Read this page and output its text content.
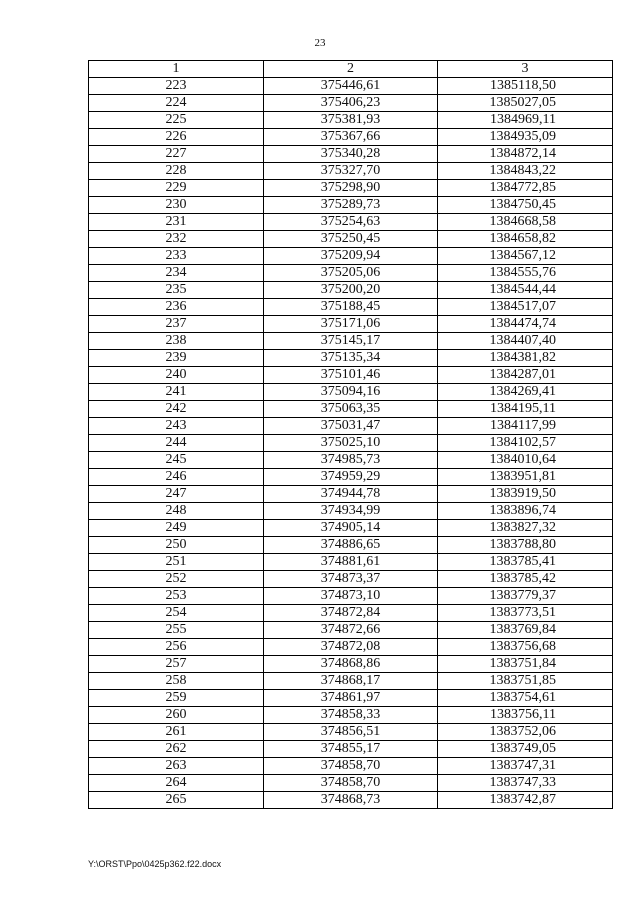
23
1	2	3
223	375446,61	1385118,50
224	375406,23	1385027,05
225	375381,93	1384969,11
226	375367,66	1384935,09
227	375340,28	1384872,14
228	375327,70	1384843,22
229	375298,90	1384772,85
230	375289,73	1384750,45
231	375254,63	1384668,58
232	375250,45	1384658,82
233	375209,94	1384567,12
234	375205,06	1384555,76
235	375200,20	1384544,44
236	375188,45	1384517,07
237	375171,06	1384474,74
238	375145,17	1384407,40
239	375135,34	1384381,82
240	375101,46	1384287,01
241	375094,16	1384269,41
242	375063,35	1384195,11
243	375031,47	1384117,99
244	375025,10	1384102,57
245	374985,73	1384010,64
246	374959,29	1383951,81
247	374944,78	1383919,50
248	374934,99	1383896,74
249	374905,14	1383827,32
250	374886,65	1383788,80
251	374881,61	1383785,41
252	374873,37	1383785,42
253	374873,10	1383779,37
254	374872,84	1383773,51
255	374872,66	1383769,84
256	374872,08	1383756,68
257	374868,86	1383751,84
258	374868,17	1383751,85
259	374861,97	1383754,61
260	374858,33	1383756,11
261	374856,51	1383752,06
262	374855,17	1383749,05
263	374858,70	1383747,31
264	374858,70	1383747,33
265	374868,73	1383742,87
Y:\ORST\Ppo\0425p362.f22.docx
